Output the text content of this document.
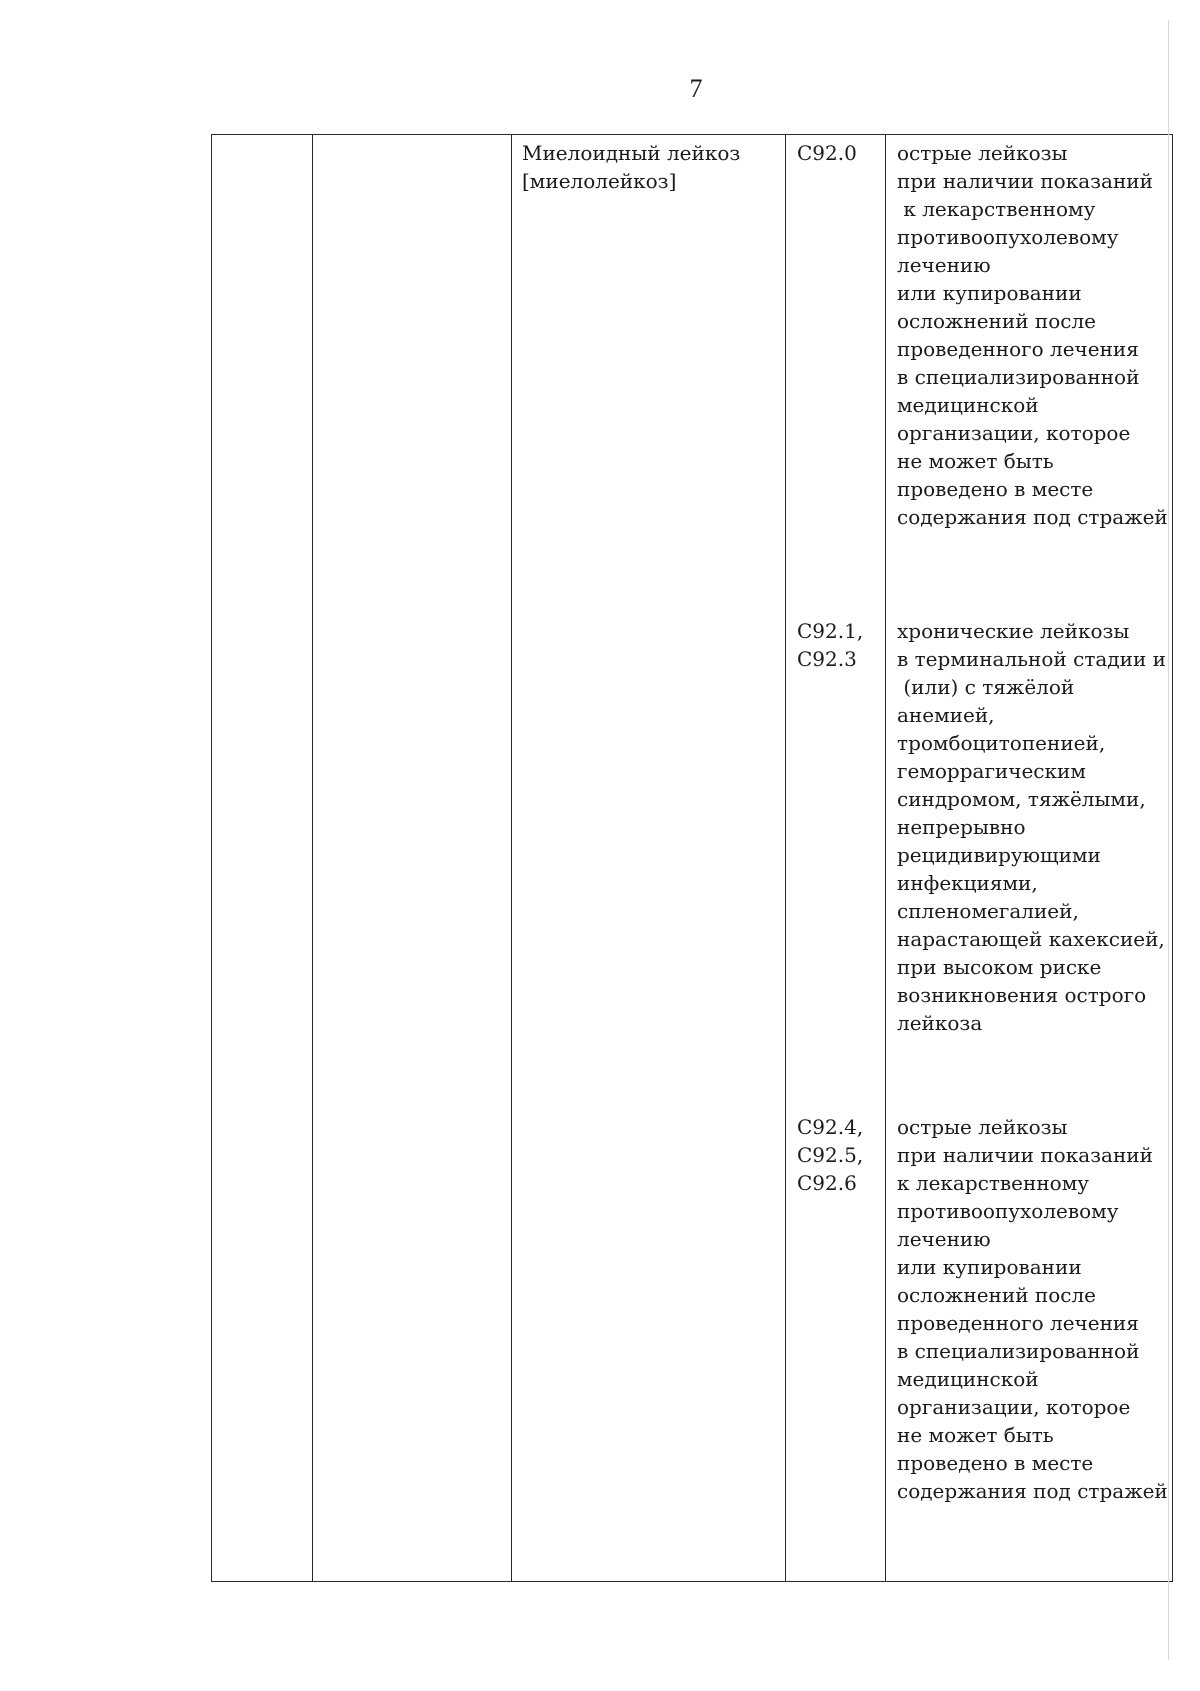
7
Миелоидный лейкоз
[миелолейкоз]
C92.0
C92.1,
C92.3
C92.4,
C92.5,
C92.6
острые лейкозы
при наличии показаний
к лекарственному
противоопухолевому
лечению
или купировании
осложнений после
проведенного лечения
в специализированной
медицинской
организации, которое
не может быть
проведено в месте
содержания под стражей
хронические лейкозы
в терминальной стадии и
(или) с тяжёлой
анемией,
тромбоцитопенией,
геморрагическим
синдромом, тяжёлыми,
непрерывно
рецидивирующими
инфекциями,
спленомегалией,
нарастающей кахексией,
при высоком риске
возникновения острого
лейкоза
острые лейкозы
при наличии показаний
к лекарственному
противоопухолевому
лечению
или купировании
осложнений после
проведенного лечения
в специализированной
медицинской
организации, которое
не может быть
проведено в месте
содержания под стражей
